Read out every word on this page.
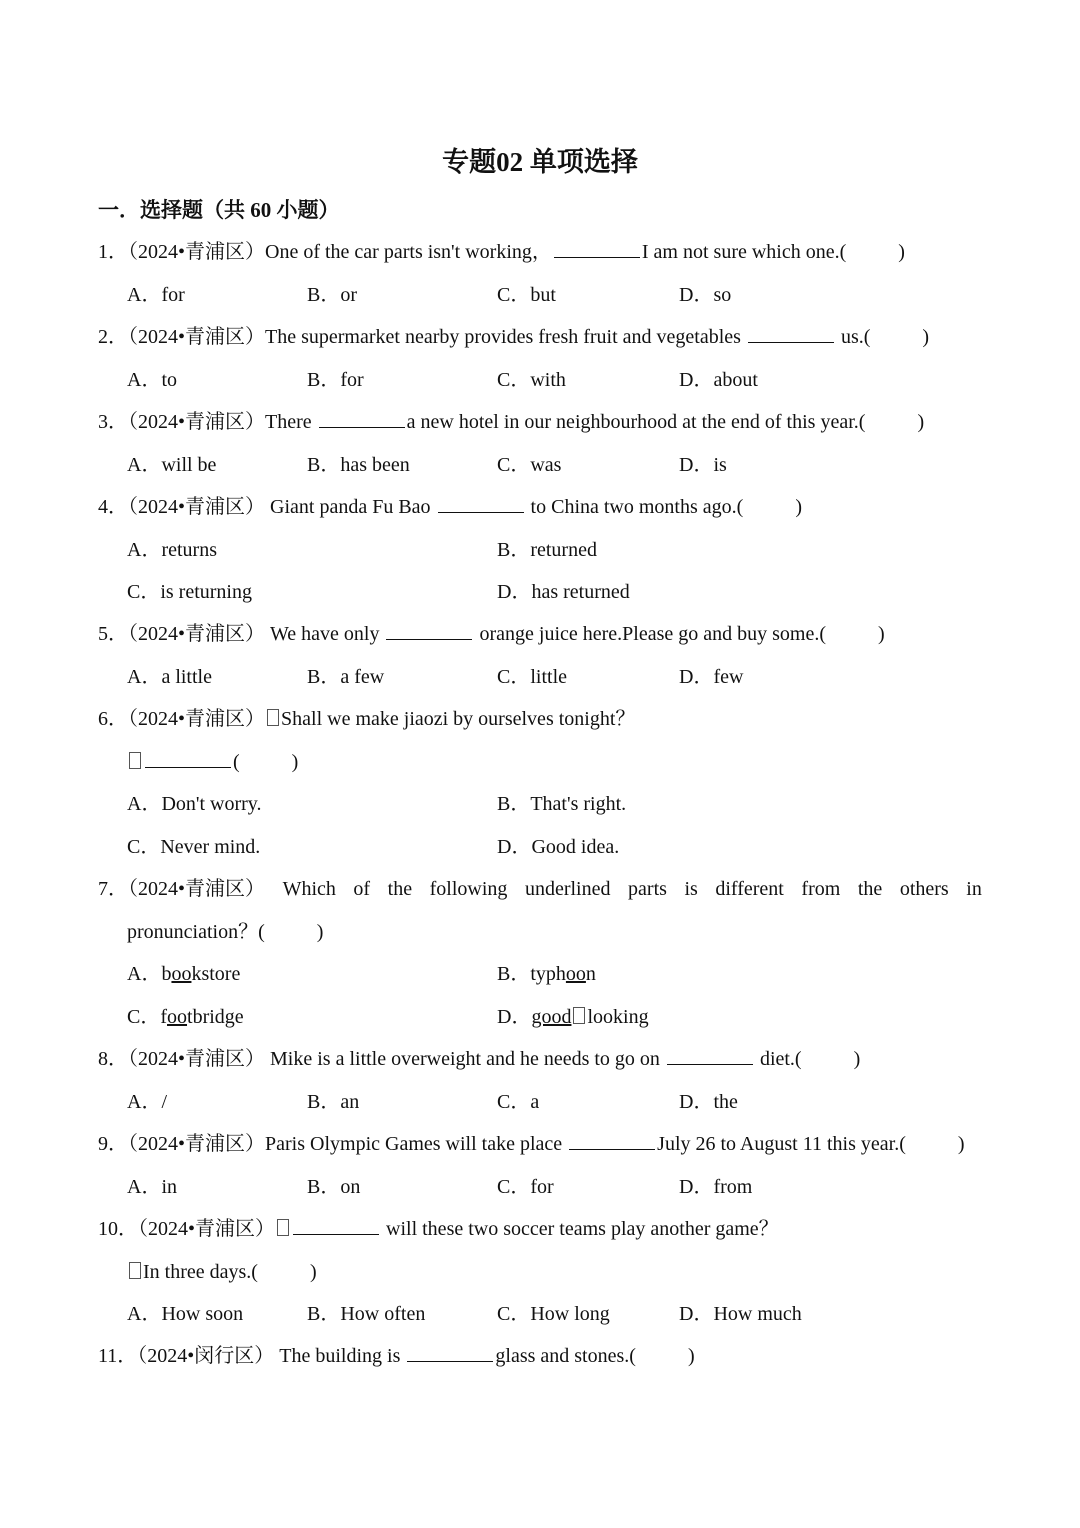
专题02 单项选择
一．选择题（共 60 小题）
1．（2024•青浦区）One of the car parts isn't working，	I am not sure which one.(	)
A．for	B．or	C．but	D．so
2．（2024•青浦区）The supermarket nearby provides fresh fruit and vegetables	us.(	)
A．to	B．for	C．with	D．about
3．（2024•青浦区）There	a new hotel in our neighbourhood at the end of this year.(	)
A．will be	B．has been	C．was	D．is
4．（2024•青浦区） Giant panda Fu Bao	to China two months ago.(	)
A．returns	B．returned
C．is returning	D．has returned
5．（2024•青浦区） We have only	orange juice here.Please go and buy some.(	)
A．a little	B．a few	C．little	D．few
6．（2024•青浦区） Shall we make jiaozi by ourselves tonight？
(	)
A．Don't worry.	B．That's right.
C．Never mind.	D．Good idea.
7．（2024•青浦区） Which of the following underlined parts is different from the others in
pronunciation？(	)
A．bookstore	B．typhoon
C．footbridge	D．good looking
8．（2024•青浦区） Mike is a little overweight and he needs to go on	diet.(	)
A．/	B．an	C．a	D．the
9．（2024•青浦区）Paris Olympic Games will take place	July 26 to August 11 this year.(	)
A．in	B．on	C．for	D．from
10．（2024•青浦区）	will these two soccer teams play another game？
In three days.(	)
A．How soon	B．How often	C．How long	D．How much
11．（2024•闵行区） The building is	glass and stones.(	)
